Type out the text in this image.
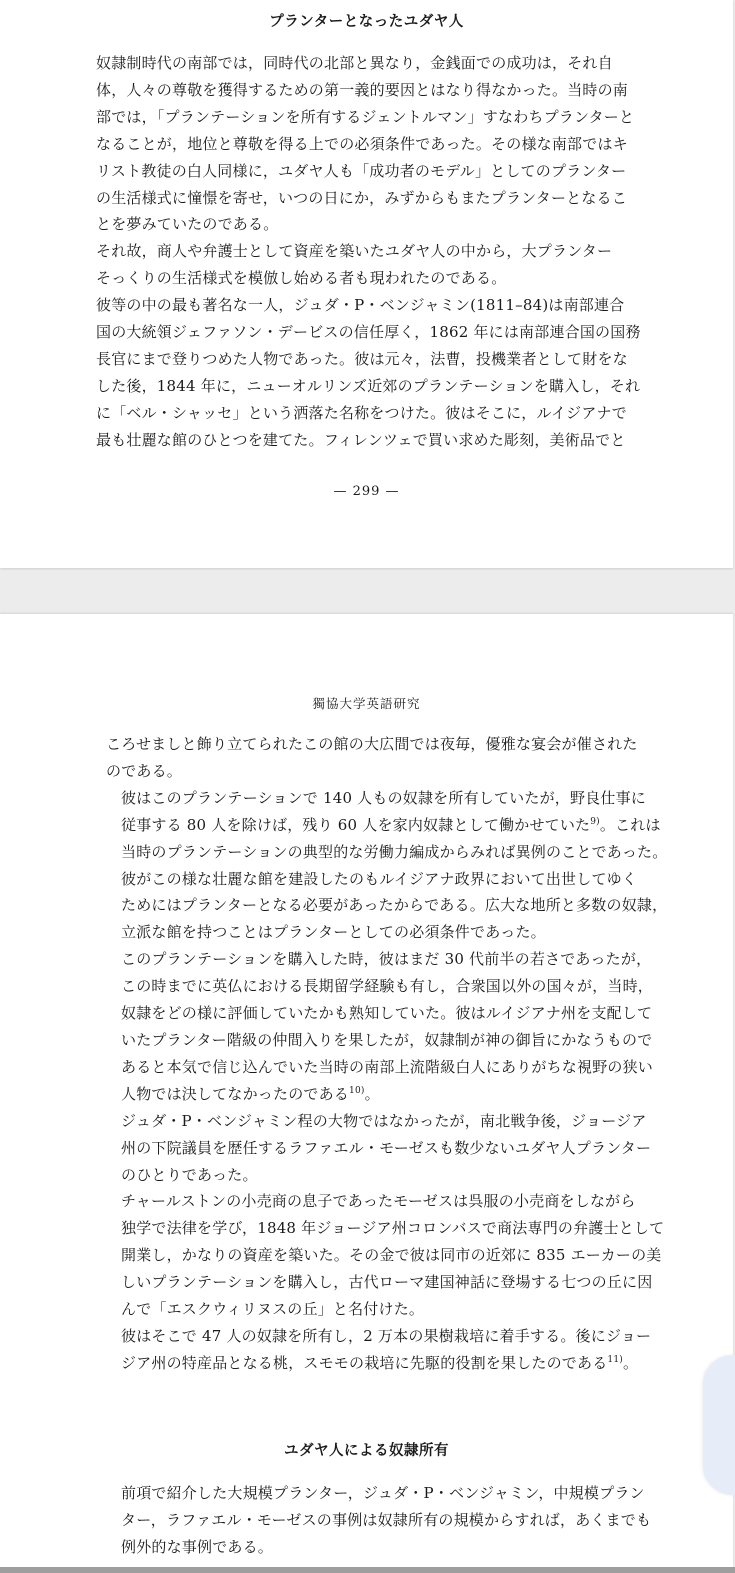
プランターとなったユダヤ人

奴隷制時代の南部では，同時代の北部と異なり，金銭面での成功は，それ自
体，人々の尊敬を獲得するための第一義的要因とはなり得なかった。当時の南
部では，「プランテーションを所有するジェントルマン」すなわちプランターと
なることが，地位と尊敬を得る上での必須条件であった。その様な南部ではキ
リスト教徒の白人同様に，ユダヤ人も「成功者のモデル」としてのプランター
の生活様式に憧憬を寄せ，いつの日にか，みずからもまたプランターとなるこ
とを夢みていたのである。

それ故，商人や弁護士として資産を築いたユダヤ人の中から，大プランター
そっくりの生活様式を模倣し始める者も現われたのである。

彼等の中の最も著名な一人，ジュダ・P・ベンジャミン(1811–84)は南部連合
国の大統領ジェファソン・デービスの信任厚く，1862 年には南部連合国の国務
長官にまで登りつめた人物であった。彼は元々，法曹，投機業者として財をな
した後，1844 年に，ニューオルリンズ近郊のプランテーションを購入し，それ
に「ベル・シャッセ」という洒落た名称をつけた。彼はそこに，ルイジアナで
最も壮麗な館のひとつを建てた。フィレンツェで買い求めた彫刻，美術品でと

— 299 —
獨協大学英語研究

ころせましと飾り立てられたこの館の大広間では夜毎，優雅な宴会が催された
のである。

彼はこのプランテーションで 140 人もの奴隷を所有していたが，野良仕事に
従事する 80 人を除けば，残り 60 人を家内奴隷として働かせていた$^{9)}$。これは
当時のプランテーションの典型的な労働力編成からみれば異例のことであった。

彼がこの様な壮麗な館を建設したのもルイジアナ政界において出世してゆく
ためにはプランターとなる必要があったからである。広大な地所と多数の奴隷，
立派な館を持つことはプランターとしての必須条件であった。

このプランテーションを購入した時，彼はまだ 30 代前半の若さであったが，
この時までに英仏における長期留学経験も有し，合衆国以外の国々が，当時，
奴隷をどの様に評価していたかも熟知していた。彼はルイジアナ州を支配して
いたプランター階級の仲間入りを果したが，奴隷制が神の御旨にかなうもので
あると本気で信じ込んでいた当時の南部上流階級白人にありがちな視野の狭い
人物では決してなかったのである$^{10)}$。

ジュダ・P・ベンジャミン程の大物ではなかったが，南北戦争後，ジョージア
州の下院議員を歴任するラファエル・モーゼスも数少ないユダヤ人プランター
のひとりであった。

チャールストンの小売商の息子であったモーゼスは呉服の小売商をしながら
独学で法律を学び，1848 年ジョージア州コロンバスで商法専門の弁護士として
開業し，かなりの資産を築いた。その金で彼は同市の近郊に 835 エーカーの美
しいプランテーションを購入し，古代ローマ建国神話に登場する七つの丘に因
んで「エスクウィリヌスの丘」と名付けた。

彼はそこで 47 人の奴隷を所有し，2 万本の果樹栽培に着手する。後にジョー
ジア州の特産品となる桃，スモモの栽培に先駆的役割を果したのである$^{11)}$。

ユダヤ人による奴隷所有

前項で紹介した大規模プランター，ジュダ・P・ベンジャミン，中規模プラン
ター，ラファエル・モーゼスの事例は奴隷所有の規模からすれば，あくまでも
例外的な事例である。
